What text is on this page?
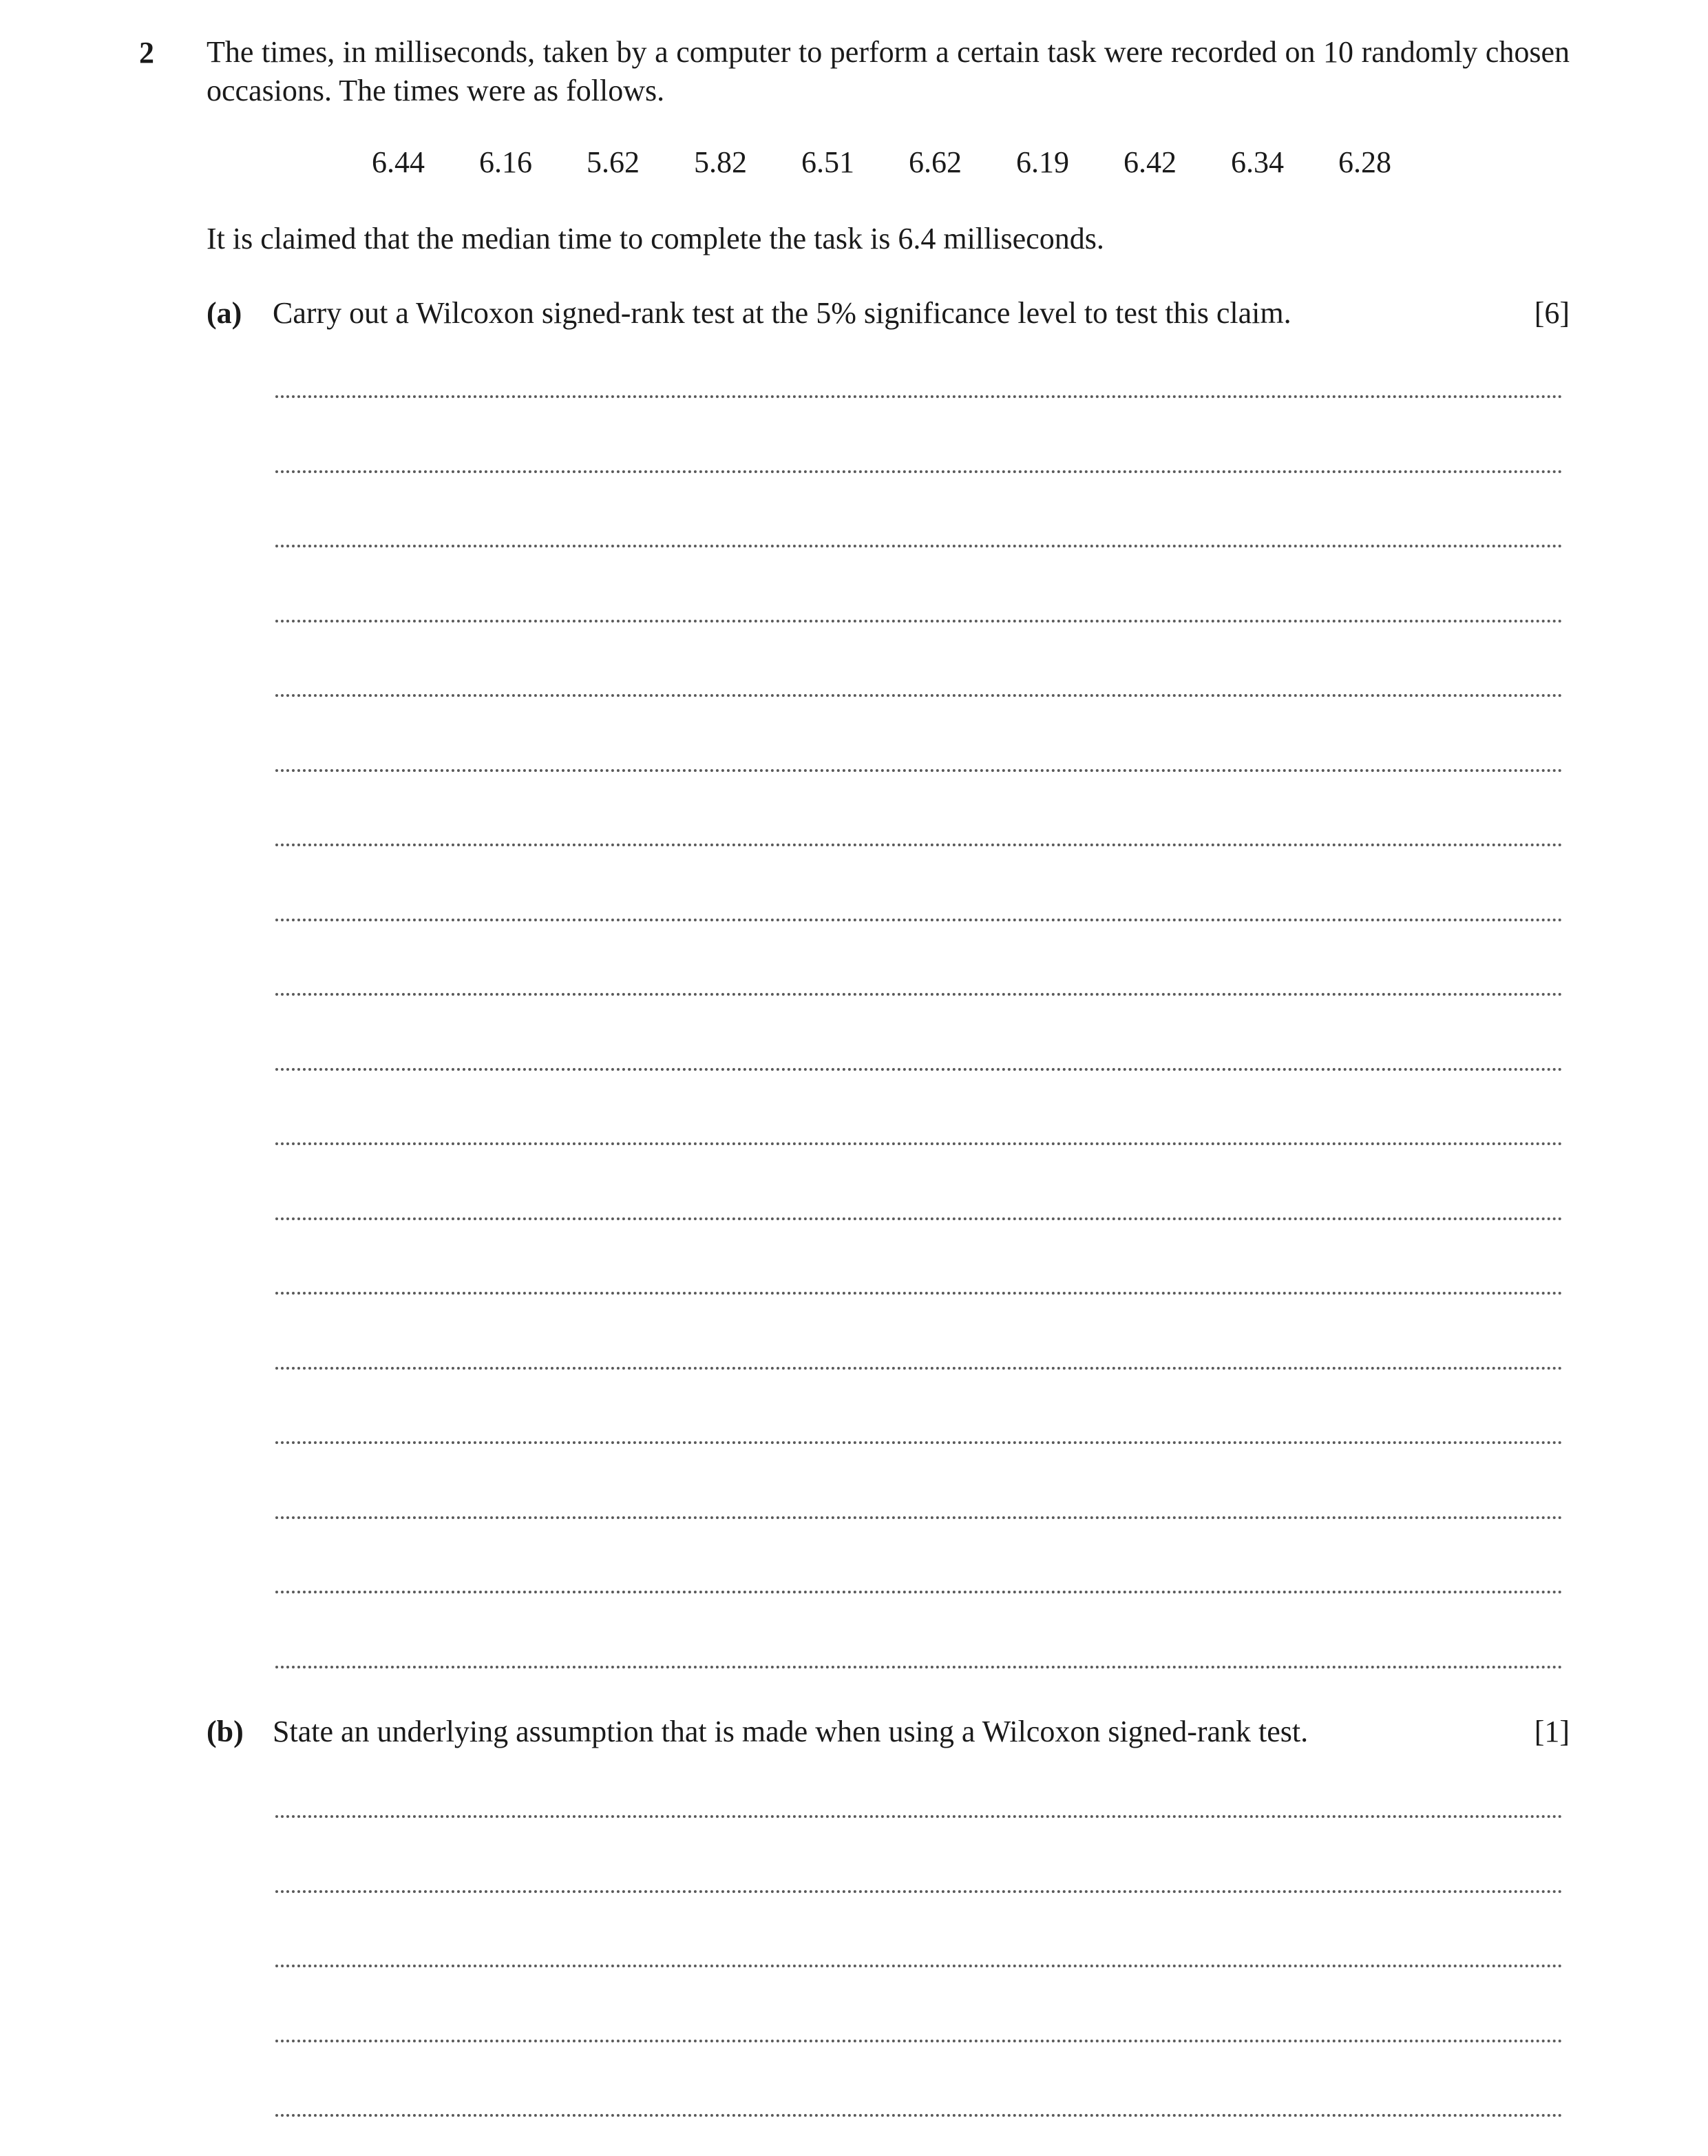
2 The times, in milliseconds, taken by a computer to perform a certain task were recorded on 10 randomly chosen occasions. The times were as follows.
6.44	6.16	5.62	5.82	6.51	6.62	6.19	6.42	6.34	6.28
It is claimed that the median time to complete the task is 6.4 milliseconds.
(a) Carry out a Wilcoxon signed-rank test at the 5% significance level to test this claim.	[6]
(b) State an underlying assumption that is made when using a Wilcoxon signed-rank test.	[1]
